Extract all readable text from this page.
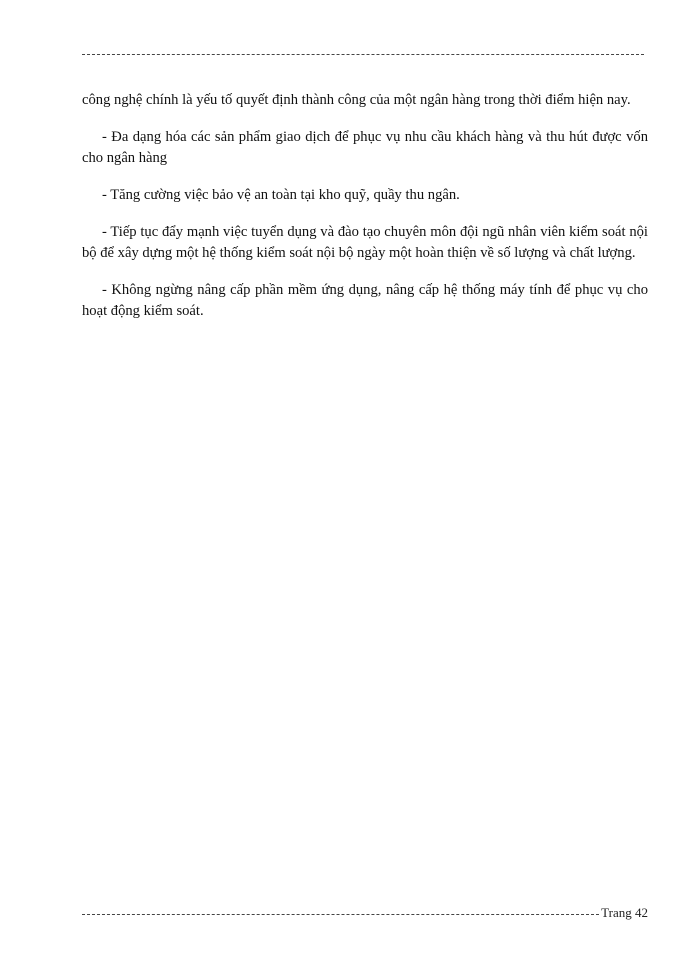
công nghệ chính là yếu tố quyết định thành công của một ngân hàng trong thời điểm hiện nay.

- Đa dạng hóa các sản phẩm giao dịch để phục vụ nhu cầu khách hàng và thu hút được vốn cho ngân hàng

- Tăng cường việc bảo vệ an toàn tại kho quỹ, quầy thu ngân.

- Tiếp tục đẩy mạnh việc tuyển dụng và đào tạo chuyên môn đội ngũ nhân viên kiểm soát nội bộ để xây dựng một hệ thống kiểm soát nội bộ ngày một hoàn thiện về số lượng và chất lượng.

- Không ngừng nâng cấp phần mềm ứng dụng, nâng cấp hệ thống máy tính để phục vụ cho hoạt động kiểm soát.

Trang 42
